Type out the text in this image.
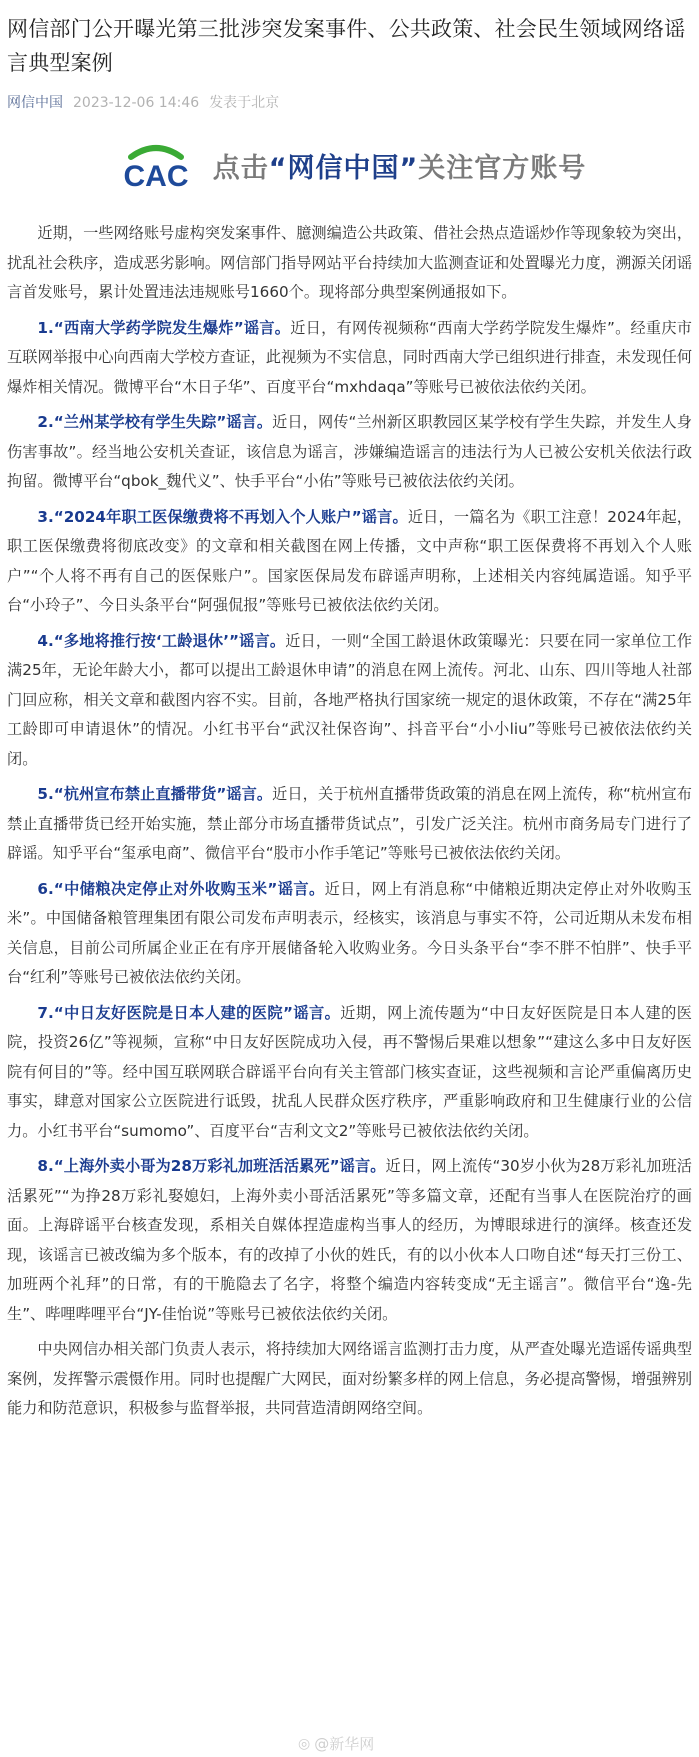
网信部门公开曝光第三批涉突发案事件、公共政策、社会民生领域网络谣言典型案例
网信中国 2023-12-06 14:46 发表于北京
CAC 点击“网信中国”关注官方账号

近期，一些网络账号虚构突发案事件、臆测编造公共政策、借社会热点造谣炒作等现象较为突出，扰乱社会秩序，造成恶劣影响。网信部门指导网站平台持续加大监测查证和处置曝光力度，溯源关闭谣言首发账号，累计处置违法违规账号1660个。现将部分典型案例通报如下。

1.“西南大学药学院发生爆炸”谣言。近日，有网传视频称“西南大学药学院发生爆炸”。经重庆市互联网举报中心向西南大学校方查证，此视频为不实信息，同时西南大学已组织进行排查，未发现任何爆炸相关情况。微博平台“木日子华”、百度平台“mxhdaqa”等账号已被依法依约关闭。

2.“兰州某学校有学生失踪”谣言。近日，网传“兰州新区职教园区某学校有学生失踪，并发生人身伤害事故”。经当地公安机关查证，该信息为谣言，涉嫌编造谣言的违法行为人已被公安机关依法行政拘留。微博平台“qbok_魏代义”、快手平台“小佑”等账号已被依法依约关闭。

3.“2024年职工医保缴费将不再划入个人账户”谣言。近日，一篇名为《职工注意！2024年起，职工医保缴费将彻底改变》的文章和相关截图在网上传播，文中声称“职工医保费将不再划入个人账户”“个人将不再有自己的医保账户”。国家医保局发布辟谣声明称，上述相关内容纯属造谣。知乎平台“小玲子”、今日头条平台“阿强侃报”等账号已被依法依约关闭。

4.“多地将推行按‘工龄退休’”谣言。近日，一则“全国工龄退休政策曝光：只要在同一家单位工作满25年，无论年龄大小，都可以提出工龄退休申请”的消息在网上流传。河北、山东、四川等地人社部门回应称，相关文章和截图内容不实。目前，各地严格执行国家统一规定的退休政策，不存在“满25年工龄即可申请退休”的情况。小红书平台“武汉社保咨询”、抖音平台“小小liu”等账号已被依法依约关闭。

5.“杭州宣布禁止直播带货”谣言。近日，关于杭州直播带货政策的消息在网上流传，称“杭州宣布禁止直播带货已经开始实施，禁止部分市场直播带货试点”，引发广泛关注。杭州市商务局专门进行了辟谣。知乎平台“玺承电商”、微信平台“股市小作手笔记”等账号已被依法依约关闭。

6.“中储粮决定停止对外收购玉米”谣言。近日，网上有消息称“中储粮近期决定停止对外收购玉米”。中国储备粮管理集团有限公司发布声明表示，经核实，该消息与事实不符，公司近期从未发布相关信息，目前公司所属企业正在有序开展储备轮入收购业务。今日头条平台“李不胖不怕胖”、快手平台“红利”等账号已被依法依约关闭。

7.“中日友好医院是日本人建的医院”谣言。近期，网上流传题为“中日友好医院是日本人建的医院，投资26亿”等视频，宣称“中日友好医院成功入侵，再不警惕后果难以想象”“建这么多中日友好医院有何目的”等。经中国互联网联合辟谣平台向有关主管部门核实查证，这些视频和言论严重偏离历史事实，肆意对国家公立医院进行诋毁，扰乱人民群众医疗秩序，严重影响政府和卫生健康行业的公信力。小红书平台“sumomo”、百度平台“吉利文文2”等账号已被依法依约关闭。

8.“上海外卖小哥为28万彩礼加班活活累死”谣言。近日，网上流传“30岁小伙为28万彩礼加班活活累死”“为挣28万彩礼娶媳妇，上海外卖小哥活活累死”等多篇文章，还配有当事人在医院治疗的画面。上海辟谣平台核查发现，系相关自媒体捏造虚构当事人的经历，为博眼球进行的演绎。核查还发现，该谣言已被改编为多个版本，有的改掉了小伙的姓氏，有的以小伙本人口吻自述“每天打三份工、加班两个礼拜”的日常，有的干脆隐去了名字，将整个编造内容转变成“无主谣言”。微信平台“逸-先生”、哔哩哔哩平台“JY-佳怡说”等账号已被依法依约关闭。

中央网信办相关部门负责人表示，将持续加大网络谣言监测打击力度，从严查处曝光造谣传谣典型案例，发挥警示震慑作用。同时也提醒广大网民，面对纷繁多样的网上信息，务必提高警惕，增强辨别能力和防范意识，积极参与监督举报，共同营造清朗网络空间。

◎ @新华网
